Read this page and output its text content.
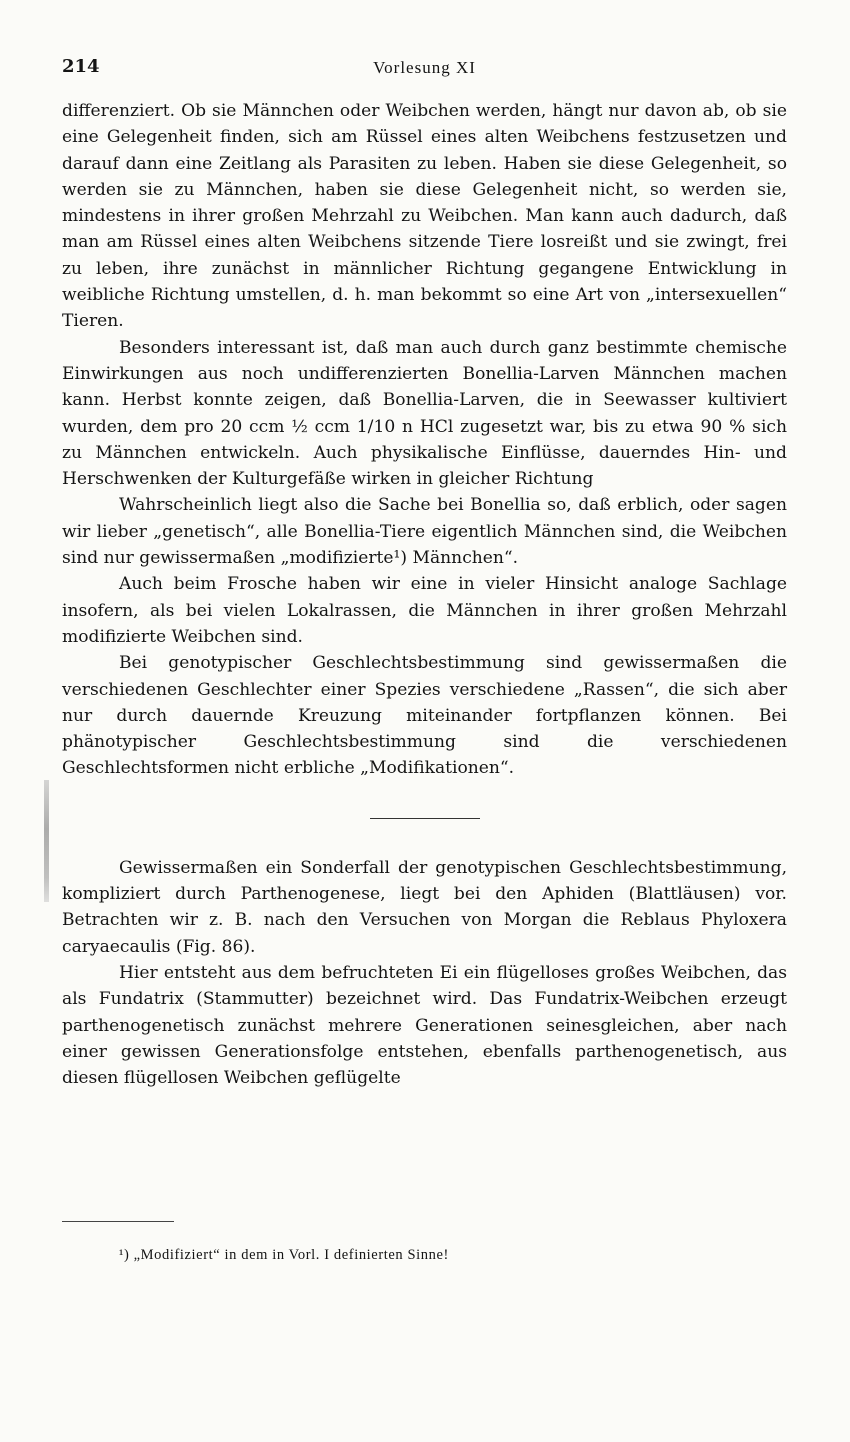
214	Vorlesung XI

differenziert. Ob sie Männchen oder Weibchen werden, hängt nur davon ab, ob sie eine Gelegenheit finden, sich am Rüssel eines alten Weibchens festzusetzen und darauf dann eine Zeitlang als Parasiten zu leben. Haben sie diese Gelegenheit, so werden sie zu Männchen, haben sie diese Gelegenheit nicht, so werden sie, mindestens in ihrer großen Mehrzahl zu Weibchen. Man kann auch dadurch, daß man am Rüssel eines alten Weibchens sitzende Tiere losreißt und sie zwingt, frei zu leben, ihre zunächst in männlicher Richtung gegangene Entwicklung in weibliche Richtung umstellen, d. h. man bekommt so eine Art von „intersexuellen“ Tieren.

Besonders interessant ist, daß man auch durch ganz bestimmte chemische Einwirkungen aus noch undifferenzierten Bonellia-Larven Männchen machen kann. Herbst konnte zeigen, daß Bonellia-Larven, die in Seewasser kultiviert wurden, dem pro 20 ccm ½ ccm 1/10 n HCl zugesetzt war, bis zu etwa 90 % sich zu Männchen entwickeln. Auch physikalische Einflüsse, dauerndes Hin- und Herschwenken der Kulturgefäße wirken in gleicher Richtung

Wahrscheinlich liegt also die Sache bei Bonellia so, daß erblich, oder sagen wir lieber „genetisch“, alle Bonellia-Tiere eigentlich Männchen sind, die Weibchen sind nur gewissermaßen „modifizierte¹) Männchen“.

Auch beim Frosche haben wir eine in vieler Hinsicht analoge Sachlage insofern, als bei vielen Lokalrassen, die Männchen in ihrer großen Mehrzahl modifizierte Weibchen sind.

Bei genotypischer Geschlechtsbestimmung sind gewissermaßen die verschiedenen Geschlechter einer Spezies verschiedene „Rassen“, die sich aber nur durch dauernde Kreuzung miteinander fortpflanzen können. Bei phänotypischer Geschlechtsbestimmung sind die verschiedenen Geschlechtsformen nicht erbliche „Modifikationen“.

Gewissermaßen ein Sonderfall der genotypischen Geschlechtsbestimmung, kompliziert durch Parthenogenese, liegt bei den Aphiden (Blattläusen) vor. Betrachten wir z. B. nach den Versuchen von Morgan die Reblaus Phyloxera caryaecaulis (Fig. 86).

Hier entsteht aus dem befruchteten Ei ein flügelloses großes Weibchen, das als Fundatrix (Stammutter) bezeichnet wird. Das Fundatrix-Weibchen erzeugt parthenogenetisch zunächst mehrere Generationen seinesgleichen, aber nach einer gewissen Generationsfolge entstehen, ebenfalls parthenogenetisch, aus diesen flügellosen Weibchen geflügelte

¹) „Modifiziert“ in dem in Vorl. I definierten Sinne!
